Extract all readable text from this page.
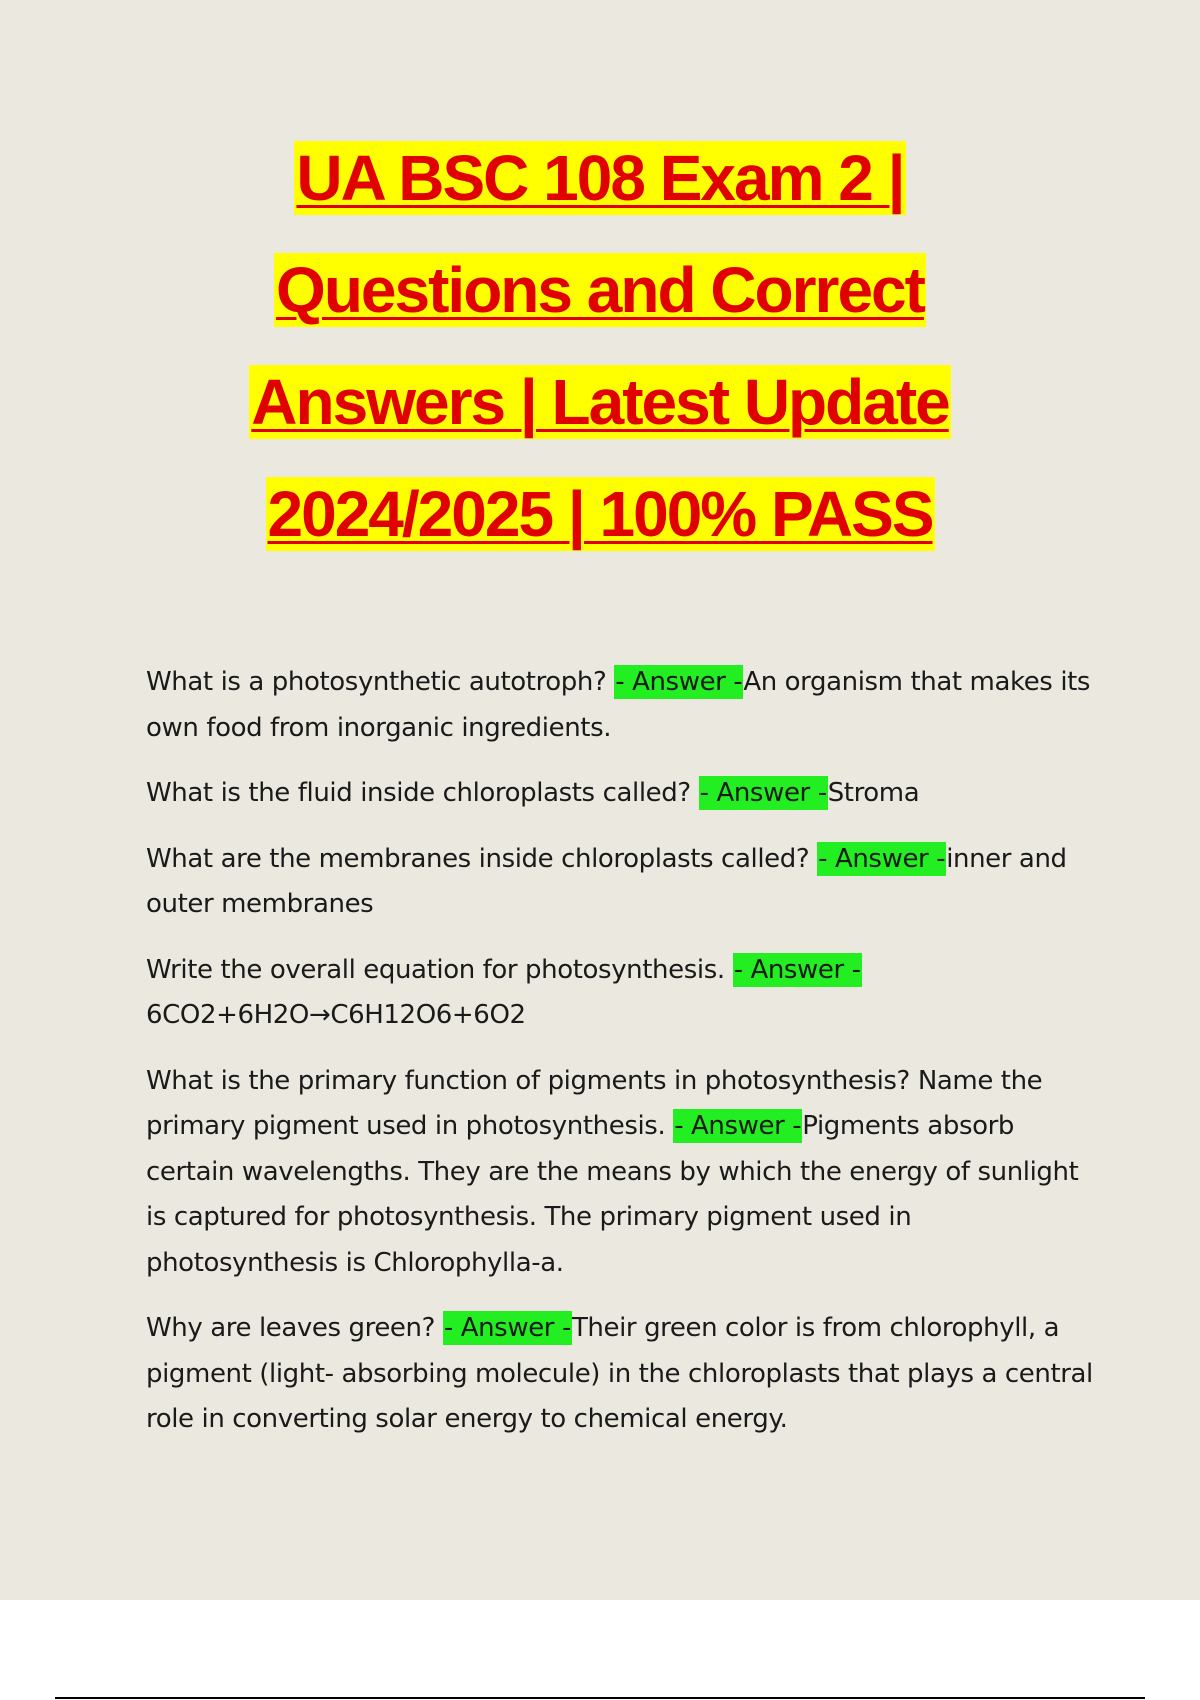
UA BSC 108 Exam 2 |
Questions and Correct
Answers | Latest Update
2024/2025 | 100% PASS

What is a photosynthetic autotroph? - Answer -An organism that makes its own food from inorganic ingredients.

What is the fluid inside chloroplasts called? - Answer -Stroma

What are the membranes inside chloroplasts called? - Answer -inner and outer membranes

Write the overall equation for photosynthesis. - Answer -
6CO2+6H2O→C6H12O6+6O2

What is the primary function of pigments in photosynthesis? Name the primary pigment used in photosynthesis. - Answer -Pigments absorb certain wavelengths. They are the means by which the energy of sunlight is captured for photosynthesis. The primary pigment used in photosynthesis is Chlorophylla-a.

Why are leaves green? - Answer -Their green color is from chlorophyll, a pigment (light- absorbing molecule) in the chloroplasts that plays a central role in converting solar energy to chemical energy.
